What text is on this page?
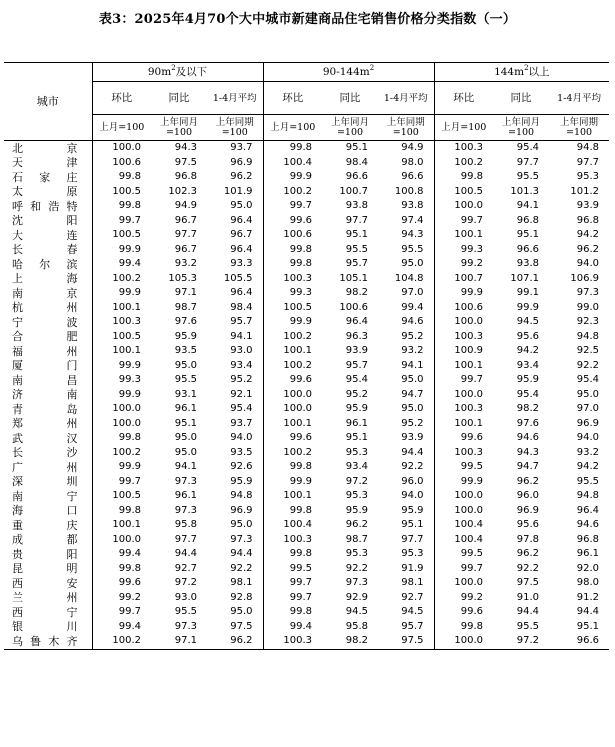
表3：2025年4月70个大中城市新建商品住宅销售价格分类指数（一）
城市	$90m^2$及以下			$90-144m^2$			$144m^2$以上		
	环比	同比	1-4月平均	环比	同比	1-4月平均	环比	同比	1-4月平均
	上月=100	上年同月=100	上年同期=100	上月=100	上年同月=100	上年同期=100	上月=100	上年同月=100	上年同期=100
北京	100.0	94.3	93.7	99.8	95.1	94.9	100.3	95.4	94.8
天津	100.6	97.5	96.9	100.4	98.4	98.0	100.2	97.7	97.7
石家庄	99.8	96.8	96.2	99.9	96.6	96.6	99.8	95.5	95.3
太原	100.5	102.3	101.9	100.2	100.7	100.8	100.5	101.3	101.2
呼和浩特	99.8	94.9	95.0	99.7	93.8	93.8	100.0	94.1	93.9
沈阳	99.7	96.7	96.4	99.6	97.7	97.4	99.7	96.8	96.8
大连	100.5	97.7	96.7	100.6	95.1	94.3	100.1	95.1	94.2
长春	99.9	96.7	96.4	99.8	95.5	95.5	99.3	96.6	96.2
哈尔滨	99.4	93.2	93.3	99.8	95.7	95.0	99.2	93.8	94.0
上海	100.2	105.3	105.5	100.3	105.1	104.8	100.7	107.1	106.9
南京	99.9	97.1	96.4	99.3	98.2	97.0	99.9	99.1	97.3
杭州	100.1	98.7	98.4	100.5	100.6	99.4	100.6	99.9	99.0
宁波	100.3	97.6	95.7	99.9	96.4	94.6	100.0	94.5	92.3
合肥	100.5	95.9	94.1	100.2	96.3	95.2	100.3	95.6	94.8
福州	100.1	93.5	93.0	100.1	93.9	93.2	100.9	94.2	92.5
厦门	99.9	95.0	93.4	100.2	95.7	94.1	100.1	93.4	92.2
南昌	99.3	95.5	95.2	99.6	95.4	95.0	99.7	95.9	95.4
济南	99.9	93.1	92.1	100.0	95.2	94.7	100.0	95.4	95.0
青岛	100.0	96.1	95.4	100.0	95.9	95.0	100.3	98.2	97.0
郑州	100.0	95.1	93.7	100.1	96.1	95.2	100.1	97.6	96.9
武汉	99.8	95.0	94.0	99.6	95.1	93.9	99.6	94.6	94.0
长沙	100.2	95.0	93.5	100.2	95.3	94.4	100.3	94.3	93.2
广州	99.9	94.1	92.6	99.8	93.4	92.2	99.5	94.7	94.2
深圳	99.7	97.3	95.9	99.9	97.2	96.0	99.9	96.2	95.5
南宁	100.5	96.1	94.8	100.1	95.3	94.0	100.0	96.0	94.8
海口	99.8	97.3	96.9	99.8	95.9	95.9	100.0	96.9	96.4
重庆	100.1	95.8	95.0	100.4	96.2	95.1	100.4	95.6	94.6
成都	100.0	97.7	97.3	100.3	98.7	97.7	100.4	97.8	96.8
贵阳	99.4	94.4	94.4	99.8	95.3	95.3	99.5	96.2	96.1
昆明	99.8	92.7	92.2	99.5	92.2	91.9	99.7	92.2	92.0
西安	99.6	97.2	98.1	99.7	97.3	98.1	100.0	97.5	98.0
兰州	99.2	93.0	92.8	99.7	92.9	92.7	99.2	91.0	91.2
西宁	99.7	95.5	95.0	99.8	94.5	94.5	99.6	94.4	94.4
银川	99.4	97.3	97.5	99.4	95.8	95.7	99.8	95.5	95.1
乌鲁木齐	100.2	97.1	96.2	100.3	98.2	97.5	100.0	97.2	96.6
